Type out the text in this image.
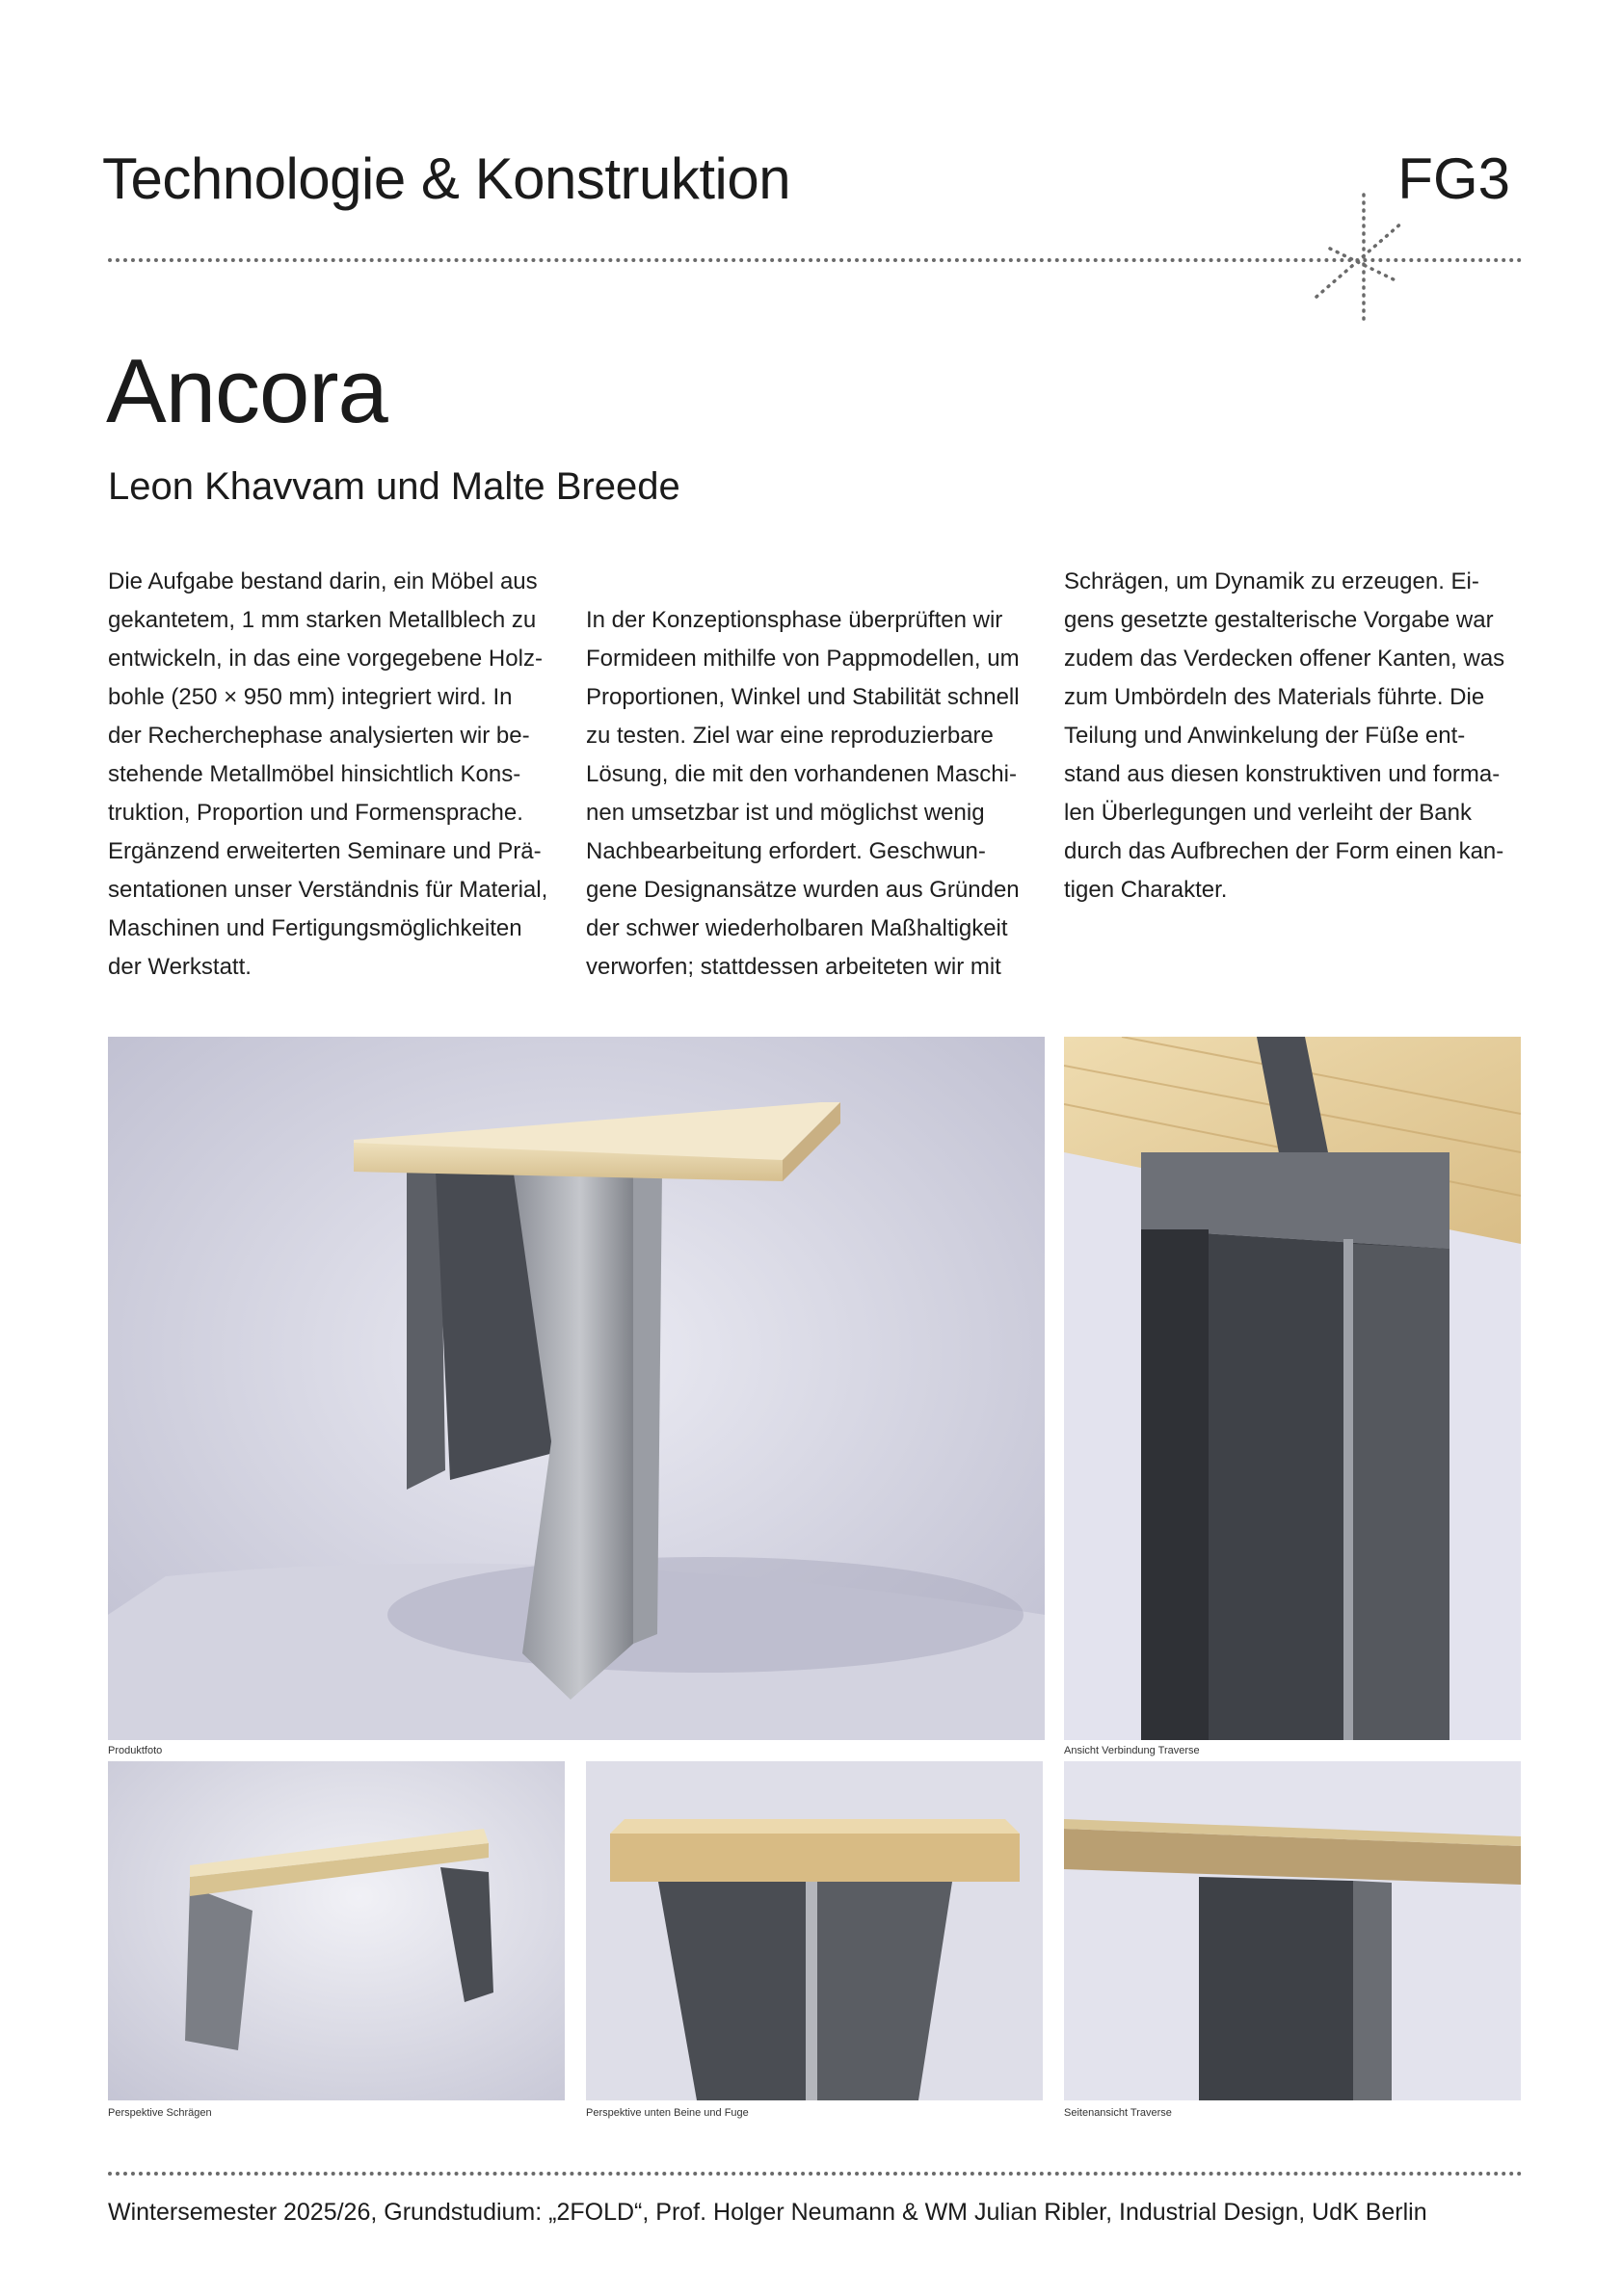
Technologie & Konstruktion	FG3
Ancora
Leon Khavvam und Malte Breede
Die Aufgabe bestand darin, ein Möbel aus
gekantetem, 1 mm starken Metallblech zu
entwickeln, in das eine vorgegebene Holz-
bohle (250 × 950 mm) integriert wird. In
der Recherchephase analysierten wir be-
stehende Metallmöbel hinsichtlich Kons-
truktion, Proportion und Formensprache.
Ergänzend erweiterten Seminare und Prä-
sentationen unser Verständnis für Material,
Maschinen und Fertigungsmöglichkeiten
der Werkstatt.
In der Konzeptionsphase überprüften wir
Formideen mithilfe von Pappmodellen, um
Proportionen, Winkel und Stabilität schnell
zu testen. Ziel war eine reproduzierbare
Lösung, die mit den vorhandenen Maschi-
nen umsetzbar ist und möglichst wenig
Nachbearbeitung erfordert. Geschwun-
gene Designansätze wurden aus Gründen
der schwer wiederholbaren Maßhaltigkeit
verworfen; stattdessen arbeiteten wir mit
Schrägen, um Dynamik zu erzeugen. Ei-
gens gesetzte gestalterische Vorgabe war
zudem das Verdecken offener Kanten, was
zum Umbördeln des Materials führte. Die
Teilung und Anwinkelung der Füße ent-
stand aus diesen konstruktiven und forma-
len Überlegungen und verleiht der Bank
durch das Aufbrechen der Form einen kan-
tigen Charakter.
Produktfoto	Ansicht Verbindung Traverse
Perspektive Schrägen	Perspektive unten Beine und Fuge	Seitenansicht Traverse
Wintersemester 2025/26, Grundstudium: „2FOLD“, Prof. Holger Neumann & WM Julian Ribler, Industrial Design, UdK Berlin
